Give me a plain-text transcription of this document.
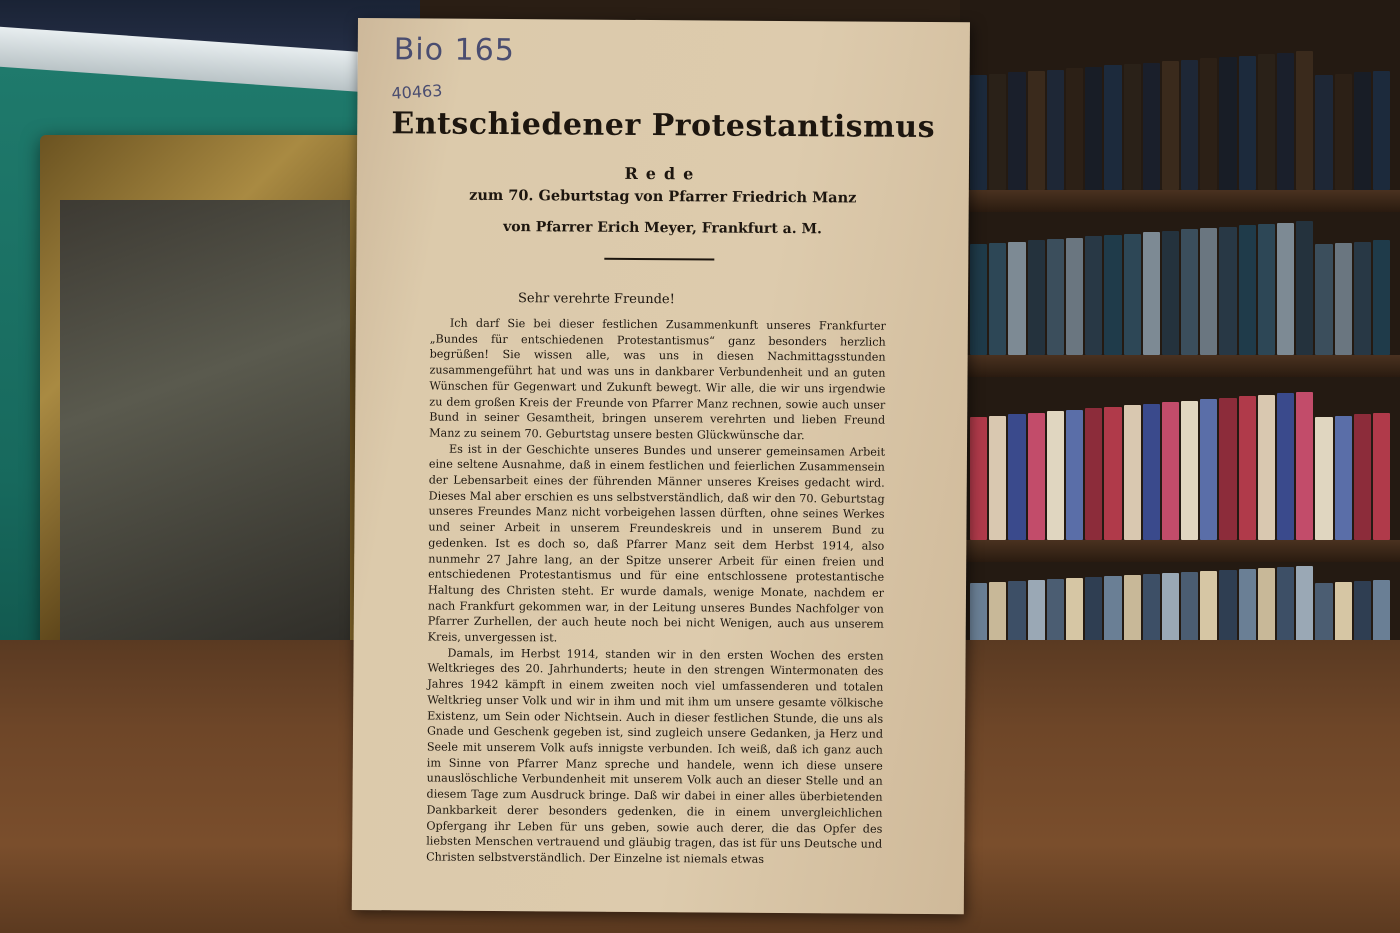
Bio 165
40463
Entschiedener Protestantismus
Rede
zum 70. Geburtstag von Pfarrer Friedrich Manz
von Pfarrer Erich Meyer, Frankfurt a. M.
Sehr verehrte Freunde!

Ich darf Sie bei dieser festlichen Zusammenkunft unseres Frankfurter „Bundes für entschiedenen Protestantismus“ ganz besonders herzlich begrüßen! Sie wissen alle, was uns in diesen Nachmittagsstunden zusammengeführt hat und was uns in dankbarer Verbundenheit und an guten Wünschen für Gegenwart und Zukunft bewegt. Wir alle, die wir uns irgendwie zu dem großen Kreis der Freunde von Pfarrer Manz rechnen, sowie auch unser Bund in seiner Gesamtheit, bringen unserem verehrten und lieben Freund Manz zu seinem 70. Geburtstag unsere besten Glückwünsche dar.

Es ist in der Geschichte unseres Bundes und unserer gemeinsamen Arbeit eine seltene Ausnahme, daß in einem festlichen und feierlichen Zusammensein der Lebensarbeit eines der führenden Männer unseres Kreises gedacht wird. Dieses Mal aber erschien es uns selbstverständlich, daß wir den 70. Geburtstag unseres Freundes Manz nicht vorbeigehen lassen dürften, ohne seines Werkes und seiner Arbeit in unserem Freundeskreis und in unserem Bund zu gedenken. Ist es doch so, daß Pfarrer Manz seit dem Herbst 1914, also nunmehr 27 Jahre lang, an der Spitze unserer Arbeit für einen freien und entschiedenen Protestantismus und für eine entschlossene protestantische Haltung des Christen steht. Er wurde damals, wenige Monate, nachdem er nach Frankfurt gekommen war, in der Leitung unseres Bundes Nachfolger von Pfarrer Zurhellen, der auch heute noch bei nicht Wenigen, auch aus unserem Kreis, unvergessen ist.

Damals, im Herbst 1914, standen wir in den ersten Wochen des ersten Weltkrieges des 20. Jahrhunderts; heute in den strengen Wintermonaten des Jahres 1942 kämpft in einem zweiten noch viel umfassenderen und totalen Weltkrieg unser Volk und wir in ihm und mit ihm um unsere gesamte völkische Existenz, um Sein oder Nichtsein. Auch in dieser festlichen Stunde, die uns als Gnade und Geschenk gegeben ist, sind zugleich unsere Gedanken, ja Herz und Seele mit unserem Volk aufs innigste verbunden. Ich weiß, daß ich ganz auch im Sinne von Pfarrer Manz spreche und handele, wenn ich diese unsere unauslöschliche Verbundenheit mit unserem Volk auch an dieser Stelle und an diesem Tage zum Ausdruck bringe. Daß wir dabei in einer alles überbietenden Dankbarkeit derer besonders gedenken, die in einem unvergleichlichen Opfergang ihr Leben für uns geben, sowie auch derer, die das Opfer des liebsten Menschen vertrauend und gläubig tragen, das ist für uns Deutsche und Christen selbstverständlich. Der Einzelne ist niemals etwas
